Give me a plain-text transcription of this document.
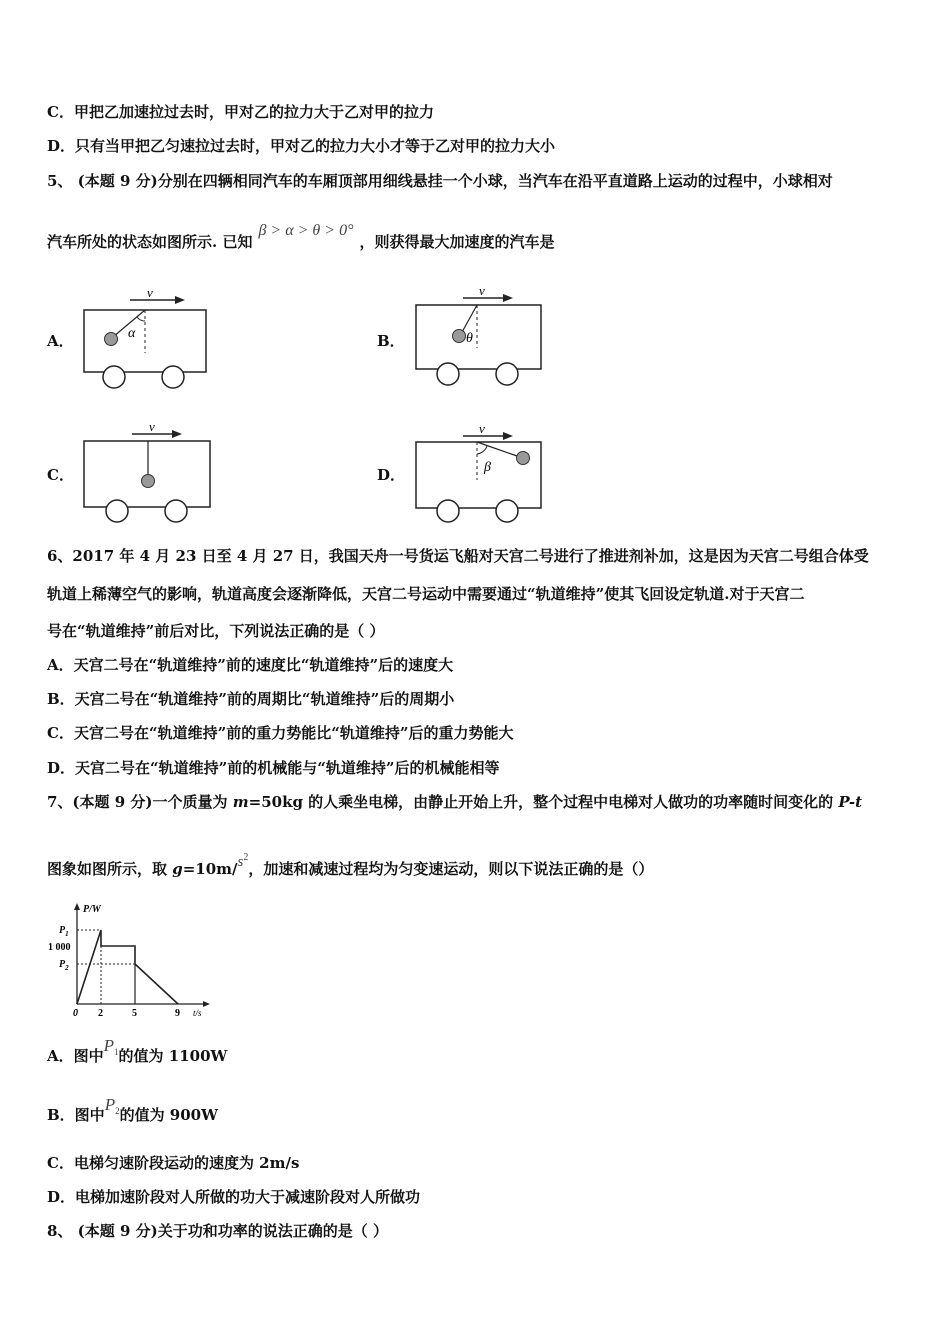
C．甲把乙加速拉过去时，甲对乙的拉力大于乙对甲的拉力
D．只有当甲把乙匀速拉过去时，甲对乙的拉力大小才等于乙对甲的拉力大小
5、 (本题 9 分)分别在四辆相同汽车的车厢顶部用细线悬挂一个小球，当汽车在沿平直道路上运动的过程中，小球相对
汽车所处的状态如图所示. 已知β > α > θ > 0°，则获得最大加速度的汽车是
A．	B．
C．	D．
v
α
v
θ
v	v
β
6、2017 年 4 月 23 日至 4 月 27 日，我国天舟一号货运飞船对天宫二号进行了推进剂补加，这是因为天宫二号组合体受
轨道上稀薄空气的影响，轨道高度会逐渐降低，天宫二号运动中需要通过“轨道维持”使其飞回设定轨道.对于天宫二
号在“轨道维持”前后对比，下列说法正确的是（ ）
A．天宫二号在“轨道维持”前的速度比“轨道维持”后的速度大
B．天宫二号在“轨道维持”前的周期比“轨道维持”后的周期小
C．天宫二号在“轨道维持”前的重力势能比“轨道维持”后的重力势能大
D．天宫二号在“轨道维持”前的机械能与“轨道维持”后的机械能相等
7、(本题 9 分)一个质量为 m=50kg 的人乘坐电梯，由静止开始上升，整个过程中电梯对人做功的功率随时间变化的 P-t
图象如图所示，取 $g=10m/s^2$，加速和减速过程均为匀变速运动，则以下说法正确的是（）
P/W
t/s
$P_1$
1 000
$P_2$
0 2	5	9
A．图中$P^1$的值为 1100W
B．图中$P^2$的值为 900W
C．电梯匀速阶段运动的速度为 2m/s
D．电梯加速阶段对人所做的功大于减速阶段对人所做功
8、 (本题 9 分)关于功和功率的说法正确的是（ ）
